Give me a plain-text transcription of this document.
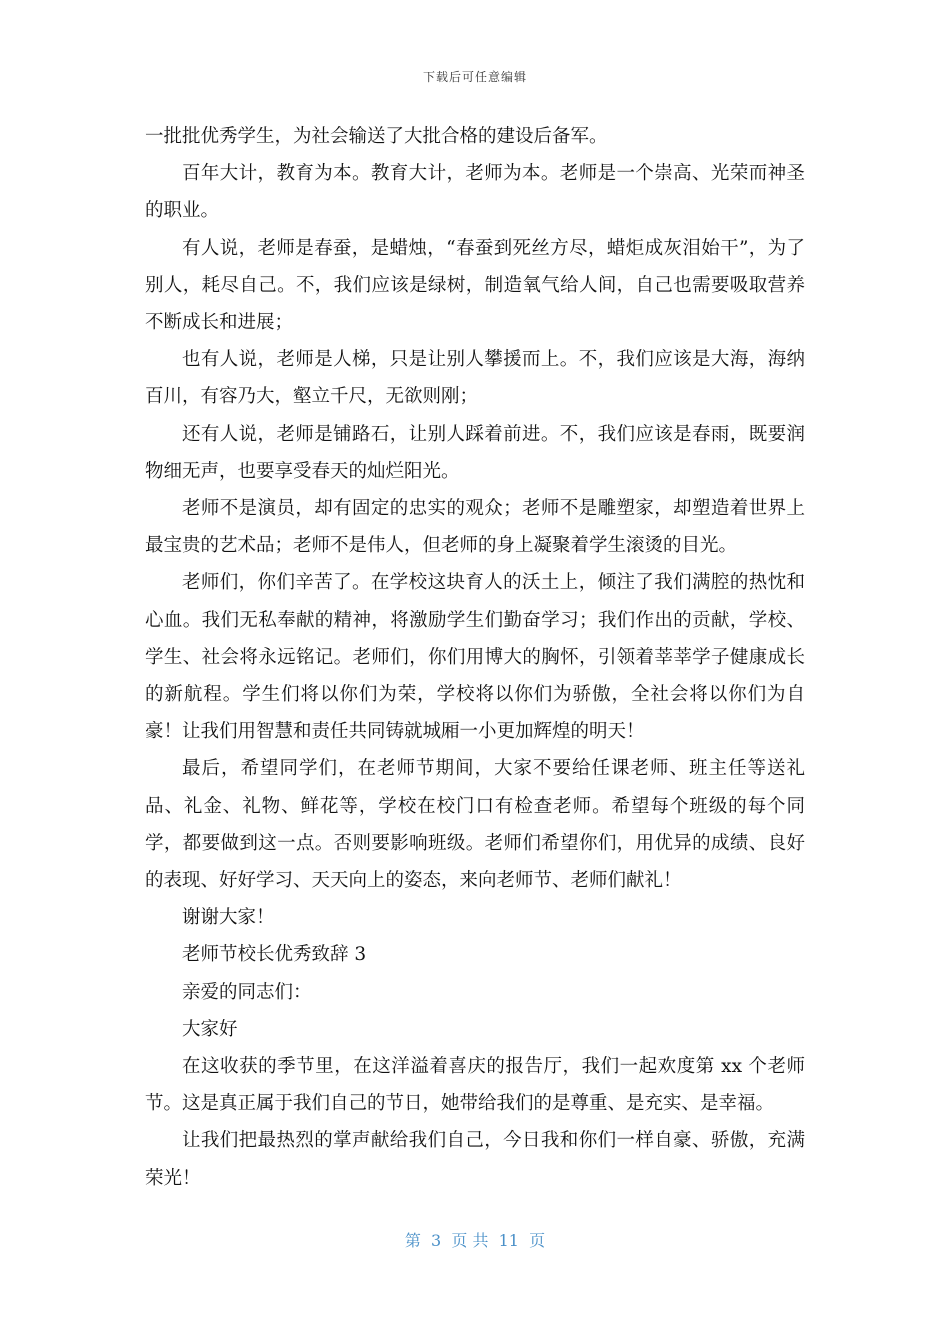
下载后可任意编辑

一批批优秀学生，为社会输送了大批合格的建设后备军。

百年大计，教育为本。教育大计，老师为本。老师是一个崇高、光荣而神圣的职业。

有人说，老师是春蚕，是蜡烛，“春蚕到死丝方尽，蜡炬成灰泪始干”，为了别人，耗尽自己。不，我们应该是绿树，制造氧气给人间，自己也需要吸取营养不断成长和进展；

也有人说，老师是人梯，只是让别人攀援而上。不，我们应该是大海，海纳百川，有容乃大，壑立千尺，无欲则刚；

还有人说，老师是铺路石，让别人踩着前进。不，我们应该是春雨，既要润物细无声，也要享受春天的灿烂阳光。

老师不是演员，却有固定的忠实的观众；老师不是雕塑家，却塑造着世界上最宝贵的艺术品；老师不是伟人，但老师的身上凝聚着学生滚烫的目光。

老师们，你们辛苦了。在学校这块育人的沃土上，倾注了我们满腔的热忱和心血。我们无私奉献的精神，将激励学生们勤奋学习；我们作出的贡献，学校、学生、社会将永远铭记。老师们，你们用博大的胸怀，引领着莘莘学子健康成长的新航程。学生们将以你们为荣，学校将以你们为骄傲，全社会将以你们为自豪！让我们用智慧和责任共同铸就城厢一小更加辉煌的明天！

最后，希望同学们，在老师节期间，大家不要给任课老师、班主任等送礼品、礼金、礼物、鲜花等，学校在校门口有检查老师。希望每个班级的每个同学，都要做到这一点。否则要影响班级。老师们希望你们，用优异的成绩、良好的表现、好好学习、天天向上的姿态，来向老师节、老师们献礼！

谢谢大家！

老师节校长优秀致辞 3

亲爱的同志们：

大家好

在这收获的季节里，在这洋溢着喜庆的报告厅，我们一起欢度第 xx 个老师节。这是真正属于我们自己的节日，她带给我们的是尊重、是充实、是幸福。

让我们把最热烈的掌声献给我们自己，今日我和你们一样自豪、骄傲，充满荣光！

第  3  页 共  11  页
